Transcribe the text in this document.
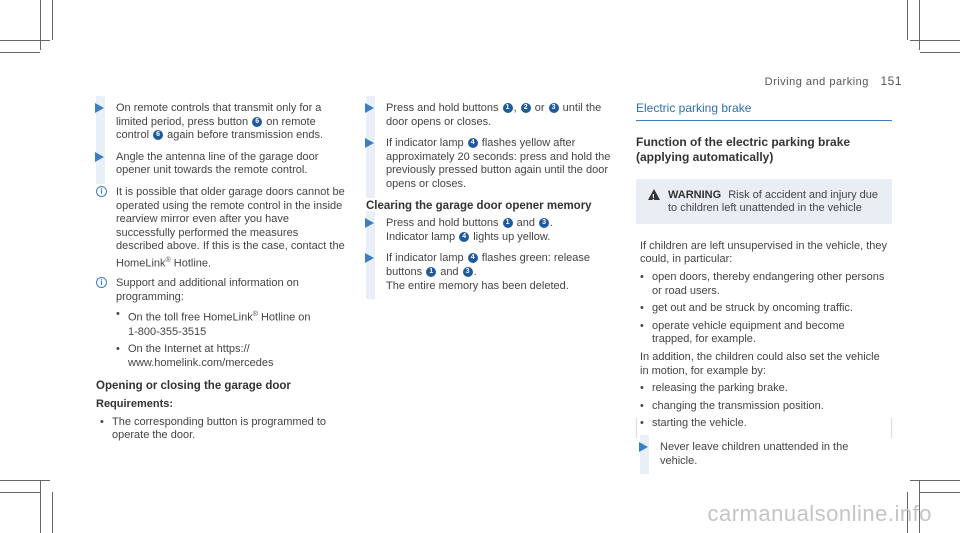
Driving and parking 151
On remote controls that transmit only for a limited period, press button 6 on remote control 6 again before transmission ends.
Angle the antenna line of the garage door opener unit towards the remote control.
i	It is possible that older garage doors cannot be operated using the remote control in the inside rearview mirror even after you have successfully performed the measures described above. If this is the case, contact the HomeLink® Hotline.
i	Support and additional information on programming:
• On the toll free HomeLink® Hotline on
1-800-355-3515
• On the Internet at https://
www.homelink.com/mercedes
Opening or closing the garage door
Requirements:
• The corresponding button is programmed to operate the door.
Press and hold buttons 1 , 2 or 3 until the door opens or closes.
If indicator lamp 4 flashes yellow after approximately 20 seconds: press and hold the previously pressed button again until the door opens or closes.
Clearing the garage door opener memory
Press and hold buttons 1 and 3 .
Indicator lamp 4 lights up yellow.
If indicator lamp 4 flashes green: release buttons 1 and 3 .
The entire memory has been deleted.
Electric parking brake
Function of the electric parking brake (applying automatically)
!
WARNING Risk of accident and injury due to children left unattended in the vehicle

If children are left unsupervised in the vehicle, they could, in particular:

• open doors, thereby endangering other persons or road users.
• get out and be struck by oncoming traffic.
• operate vehicle equipment and become trapped, for example.

In addition, the children could also set the vehicle in motion, for example by:

• releasing the parking brake.
• changing the transmission position.
• starting the vehicle.
Never leave children unattended in the vehicle.
carmanualsonline.info
